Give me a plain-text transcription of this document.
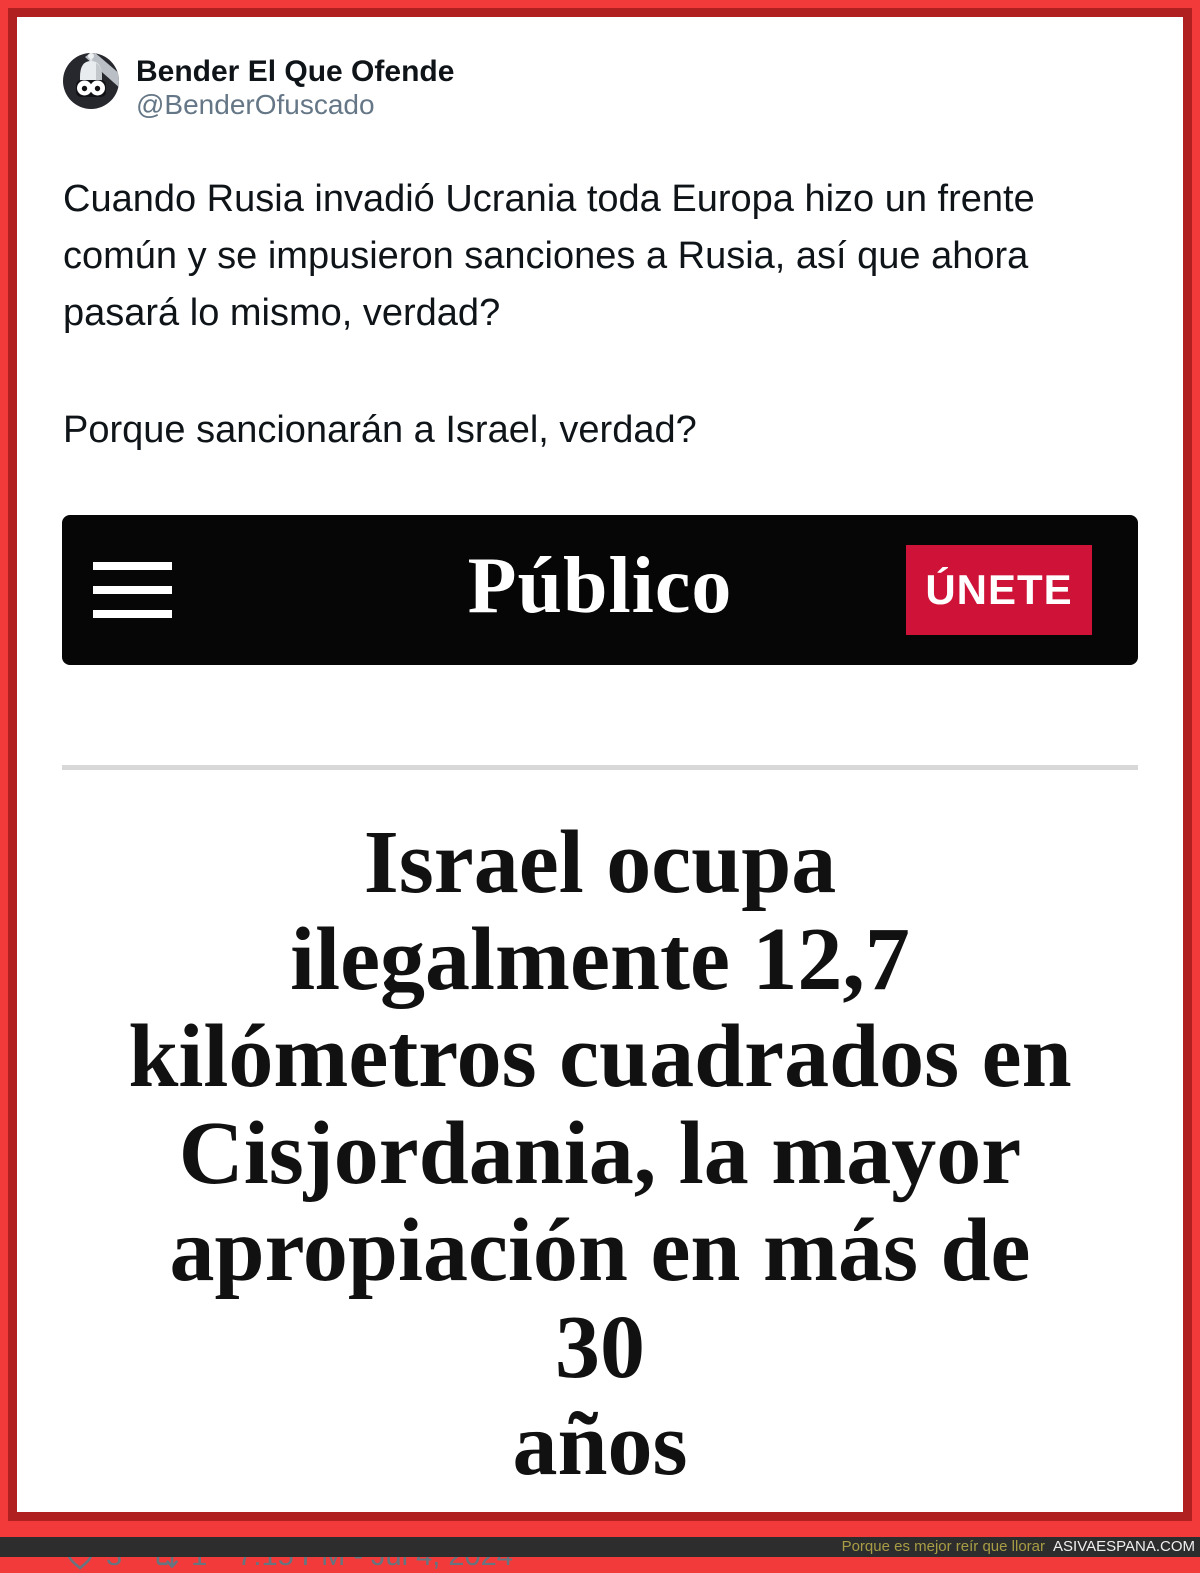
Bender El Que Ofende
@BenderOfuscado

Cuando Rusia invadió Ucrania toda Europa hizo un frente común y se impusieron sanciones a Rusia, así que ahora pasará lo mismo, verdad?

Porque sancionarán a Israel, verdad?

Público	ÚNETE
Israel ocupa
ilegalmente 12,7
kilómetros cuadrados en
Cisjordania, la mayor
apropiación en más de 30
años
Porque es mejor reír que llorar ASIVAESPANA.COM
